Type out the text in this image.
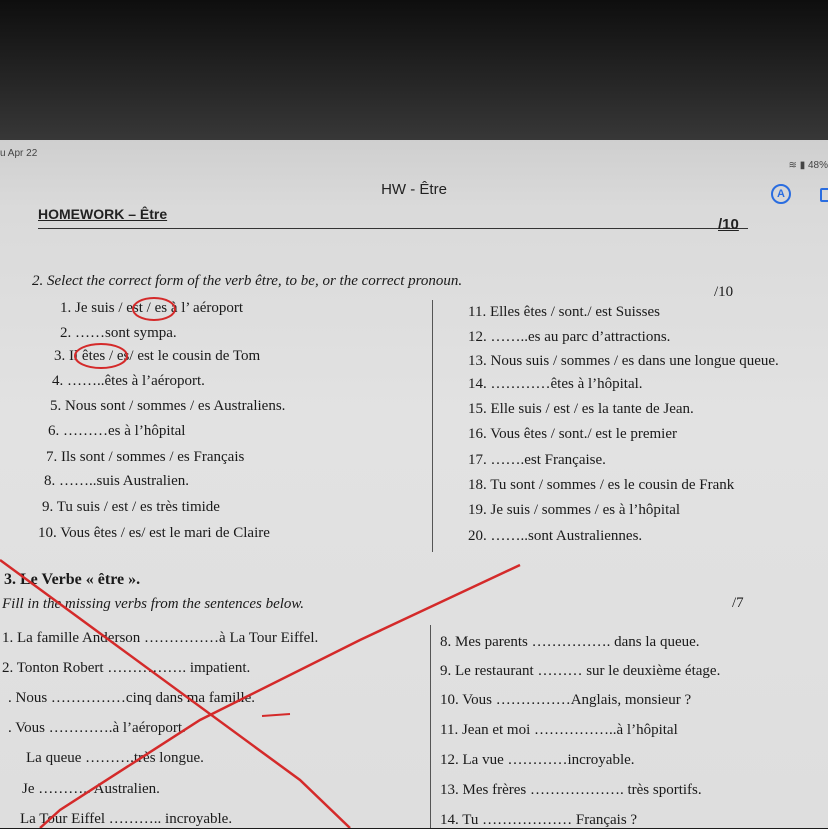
u Apr 22
≋ ▮ 48%
HW - Être	A
HOMEWORK – Être
/10
2. Select the correct form of the verb être, to be, or the correct pronoun.
/10
1. Je suis / est / es à l’ aéroport
2. ……sont sympa.
3. Il êtes / es/ est le cousin de Tom
4. ……..êtes à l’aéroport.
5. Nous sont / sommes / es Australiens.
6. ………es à l’hôpital
7. Ils sont / sommes / es Français
8. ……..suis Australien.
9. Tu suis / est / es très timide
10. Vous êtes / es/ est le mari de Claire
11. Elles êtes / sont./ est Suisses
12. ……..es au parc d’attractions.
13. Nous suis / sommes / es dans une longue queue.
14. …………êtes à l’hôpital.
15. Elle suis / est / es la tante de Jean.
16. Vous êtes / sont./ est le premier
17. …….est Française.
18. Tu sont / sommes / es le cousin de Frank
19. Je suis / sommes / es à l’hôpital
20. ……..sont Australiennes.
3. Le Verbe « être ».
Fill in the missing verbs from the sentences below.	/7
1. La famille Anderson ……………à La Tour Eiffel.
2. Tonton Robert ……………. impatient.
. Nous ……………cinq dans ma famille.
. Vous ………….à l’aéroport.
La queue ……….très longue.
Je ……….. Australien.
La Tour Eiffel ……….. incroyable.
8. Mes parents ……………. dans la queue.
9. Le restaurant ……… sur le deuxième étage.
10. Vous ……………Anglais, monsieur ?
11. Jean et moi ……………..à l’hôpital
12. La vue …………incroyable.
13. Mes frères ………………. très sportifs.
14. Tu ……………… Français ?
